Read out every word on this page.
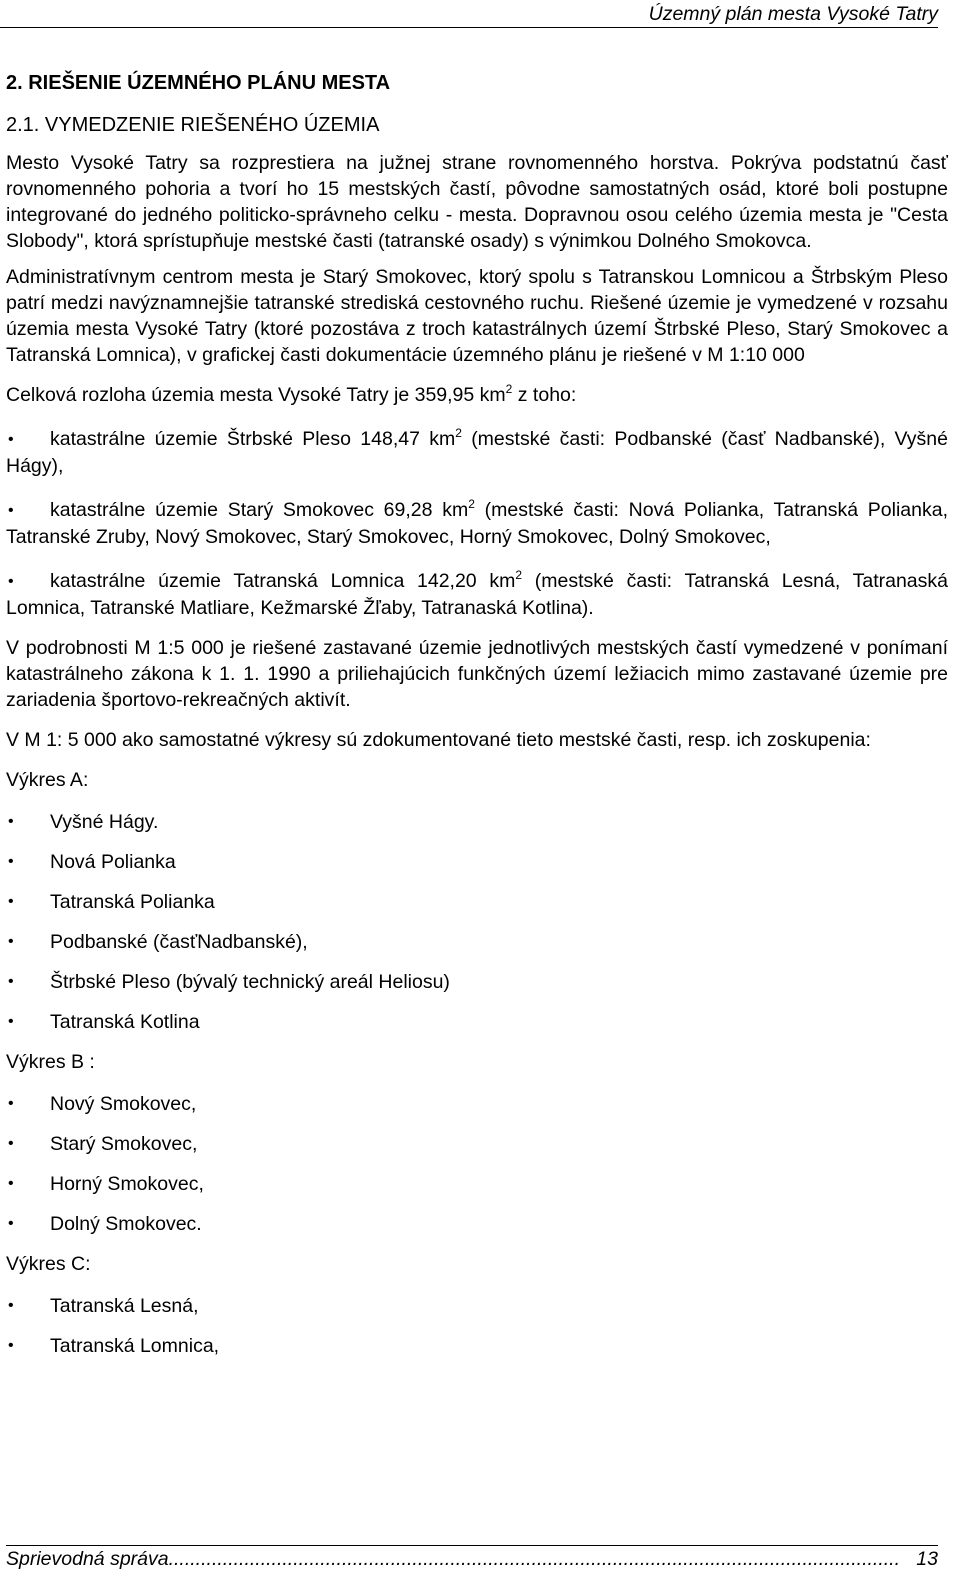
Územný plán mesta Vysoké Tatry
2. RIEŠENIE ÚZEMNÉHO PLÁNU MESTA
2.1. VYMEDZENIE RIEŠENÉHO ÚZEMIA

Mesto Vysoké Tatry sa rozprestiera na južnej strane rovnomenného horstva. Pokrýva podstatnú časť rovnomenného pohoria a tvorí ho 15 mestských častí, pôvodne samostatných osád, ktoré boli postupne integrované do jedného politicko-správneho celku - mesta. Dopravnou osou celého územia mesta je "Cesta Slobody", ktorá sprístupňuje mestské časti (tatranské osady) s výnimkou Dolného Smokovca.

Administratívnym centrom mesta je Starý Smokovec, ktorý spolu s Tatranskou Lomnicou a Štrbským Pleso patrí medzi navýznamnejšie tatranské strediská cestovného ruchu. Riešené územie je vymedzené v rozsahu územia mesta Vysoké Tatry (ktoré pozostáva z troch katastrálnych území Štrbské Pleso, Starý Smokovec a Tatranská Lomnica), v grafickej časti dokumentácie územného plánu je riešené v M 1:10 000

Celková rozloha územia mesta Vysoké Tatry je 359,95 $km^2$ z toho:

• katastrálne územie Štrbské Pleso 148,47 $km^2$ (mestské časti: Podbanské (časť Nadbanské), Vyšné Hágy),
• katastrálne územie Starý Smokovec 69,28 $km^2$ (mestské časti: Nová Polianka, Tatranská Polianka, Tatranské Zruby, Nový Smokovec, Starý Smokovec, Horný Smokovec, Dolný Smokovec,
• katastrálne územie Tatranská Lomnica 142,20 $km^2$ (mestské časti: Tatranská Lesná, Tatranaská Lomnica, Tatranské Matliare, Kežmarské Žľaby, Tatranaská Kotlina).

V podrobnosti M 1:5 000 je riešené zastavané územie jednotlivých mestských častí vymedzené v ponímaní katastrálneho zákona k 1. 1. 1990 a priliehajúcich funkčných území ležiacich mimo zastavané územie pre zariadenia športovo-rekreačných aktivít.

V M 1: 5 000 ako samostatné výkresy sú zdokumentované tieto mestské časti, resp. ich zoskupenia:

Výkres A:
• Vyšné Hágy.
• Nová Polianka
• Tatranská Polianka
• Podbanské (časťNadbanské),
• Štrbské Pleso (bývalý technický areál Heliosu)
• Tatranská Kotlina
Výkres B :
• Nový Smokovec,
• Starý Smokovec,
• Horný Smokovec,
• Dolný Smokovec.
Výkres C:
• Tatranská Lesná,
• Tatranská Lomnica,
Sprievodná správa....................................................................................................................................... 13
